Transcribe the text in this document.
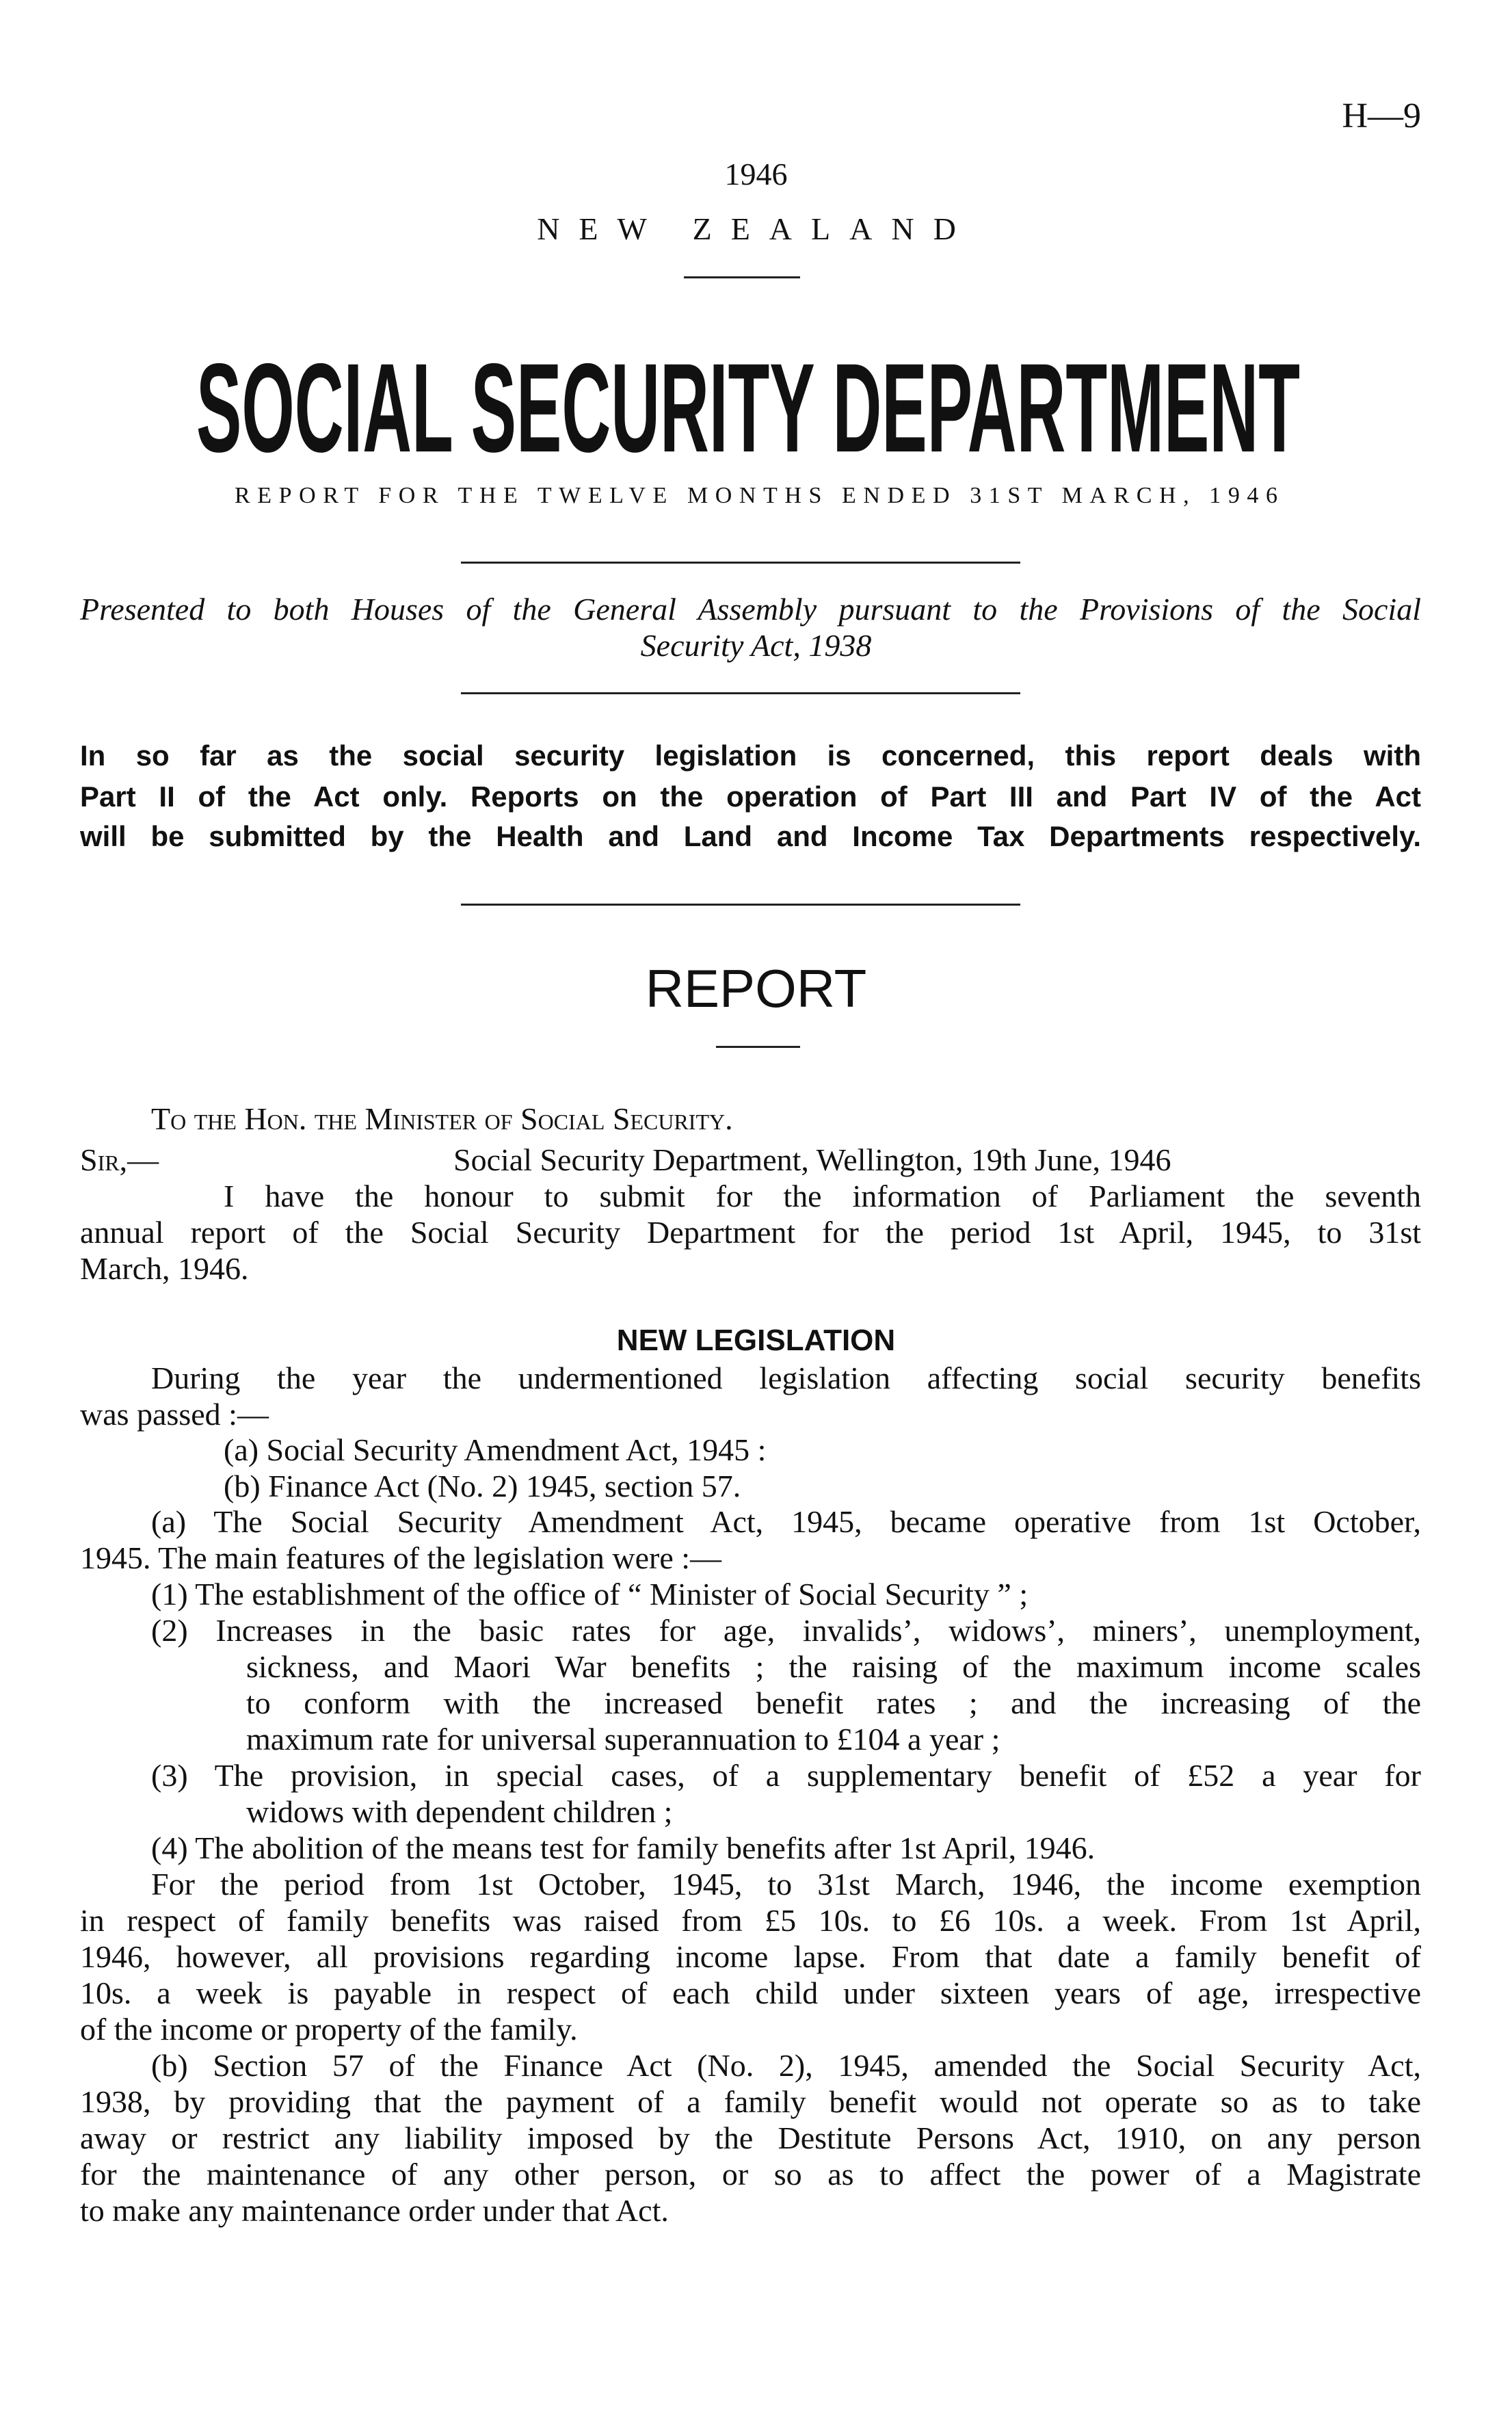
H—9
1946
NEW ZEALAND
SOCIAL SECURITY DEPARTMENT
REPORT FOR THE TWELVE MONTHS ENDED 31ST MARCH, 1946
Presented to both Houses of the General Assembly pursuant to the Provisions of the Social
Security Act, 1938
In so far as the social security legislation is concerned, this report deals with
Part II of the Act only. Reports on the operation of Part III and Part IV of the Act
will be submitted by the Health and Land and Income Tax Departments respectively.
REPORT
To the Hon. the Minister of Social Security.
Sir,—	Social Security Department, Wellington, 19th June, 1946
I have the honour to submit for the information of Parliament the seventh
annual report of the Social Security Department for the period 1st April, 1945, to 31st
March, 1946.
NEW LEGISLATION
During the year the undermentioned legislation affecting social security benefits
was passed :—
(a) Social Security Amendment Act, 1945 :
(b) Finance Act (No. 2) 1945, section 57.
(a) The Social Security Amendment Act, 1945, became operative from 1st October,
1945. The main features of the legislation were :—
(1) The establishment of the office of “ Minister of Social Security ” ;
(2) Increases in the basic rates for age, invalids’, widows’, miners’, unemployment,
sickness, and Maori War benefits ; the raising of the maximum income scales
to conform with the increased benefit rates ; and the increasing of the
maximum rate for universal superannuation to £104 a year ;
(3) The provision, in special cases, of a supplementary benefit of £52 a year for
widows with dependent children ;
(4) The abolition of the means test for family benefits after 1st April, 1946.
For the period from 1st October, 1945, to 31st March, 1946, the income exemption
in respect of family benefits was raised from £5 10s. to £6 10s. a week. From 1st April,
1946, however, all provisions regarding income lapse. From that date a family benefit of
10s. a week is payable in respect of each child under sixteen years of age, irrespective
of the income or property of the family.
(b) Section 57 of the Finance Act (No. 2), 1945, amended the Social Security Act,
1938, by providing that the payment of a family benefit would not operate so as to take
away or restrict any liability imposed by the Destitute Persons Act, 1910, on any person
for the maintenance of any other person, or so as to affect the power of a Magistrate
to make any maintenance order under that Act.
